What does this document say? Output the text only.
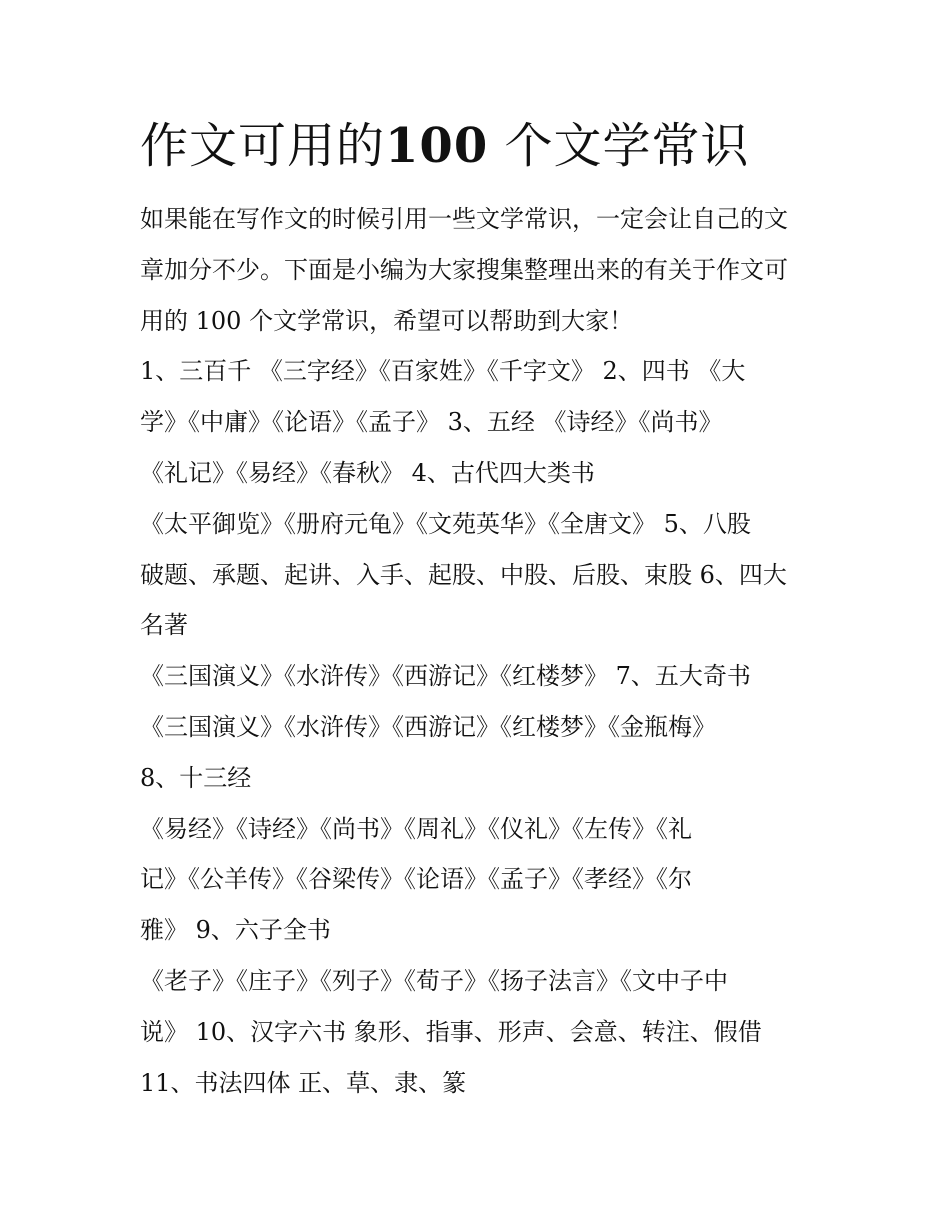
作文可用的100 个文学常识

如果能在写作文的时候引用一些文学常识，一定会让自己的文

章加分不少。下面是小编为大家搜集整理出来的有关于作文可

用的 100 个文学常识，希望可以帮助到大家！

1、三百千 《三字经》《百家姓》《千字文》 2、四书 《大

学》《中庸》《论语》《孟子》 3、五经 《诗经》《尚书》

《礼记》《易经》《春秋》 4、古代四大类书

《太平御览》《册府元龟》《文苑英华》《全唐文》 5、八股

破题、承题、起讲、入手、起股、中股、后股、束股 6、四大

名著

《三国演义》《水浒传》《西游记》《红楼梦》 7、五大奇书

《三国演义》《水浒传》《西游记》《红楼梦》《金瓶梅》

8、十三经

《易经》《诗经》《尚书》《周礼》《仪礼》《左传》《礼

记》《公羊传》《谷梁传》《论语》《孟子》《孝经》《尔

雅》 9、六子全书

《老子》《庄子》《列子》《荀子》《扬子法言》《文中子中

说》 10、汉字六书 象形、指事、形声、会意、转注、假借

11、书法四体 正、草、隶、篆
